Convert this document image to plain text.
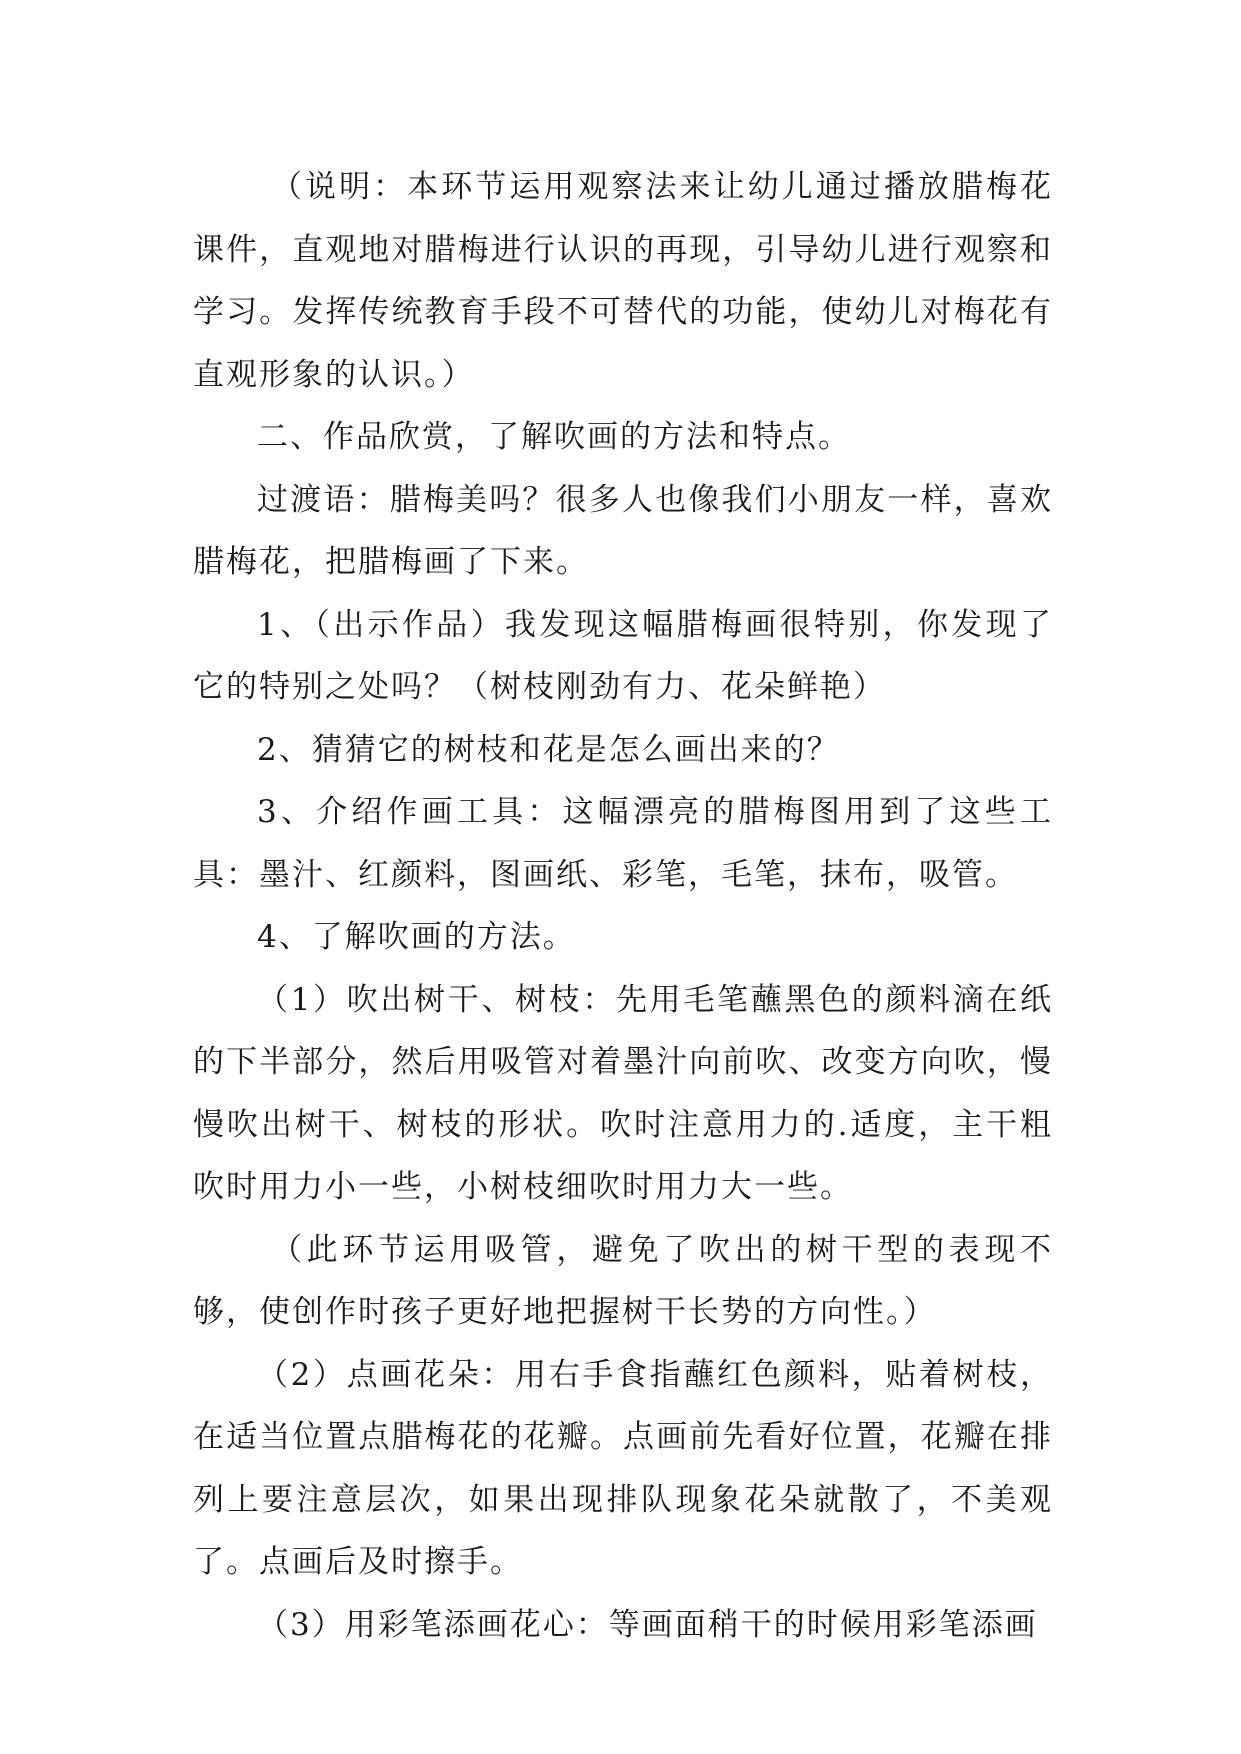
（说明：本环节运用观察法来让幼儿通过播放腊梅花课件，直观地对腊梅进行认识的再现，引导幼儿进行观察和学习。发挥传统教育手段不可替代的功能，使幼儿对梅花有直观形象的认识。）

二、作品欣赏，了解吹画的方法和特点。

过渡语：腊梅美吗？很多人也像我们小朋友一样，喜欢腊梅花，把腊梅画了下来。

1、（出示作品）我发现这幅腊梅画很特别，你发现了它的特别之处吗？（树枝刚劲有力、花朵鲜艳）

2、猜猜它的树枝和花是怎么画出来的？

3、介绍作画工具：这幅漂亮的腊梅图用到了这些工具：墨汁、红颜料，图画纸、彩笔，毛笔，抹布，吸管。

4、了解吹画的方法。

（1）吹出树干、树枝：先用毛笔蘸黑色的颜料滴在纸的下半部分，然后用吸管对着墨汁向前吹、改变方向吹，慢慢吹出树干、树枝的形状。吹时注意用力的.适度，主干粗吹时用力小一些，小树枝细吹时用力大一些。

（此环节运用吸管，避免了吹出的树干型的表现不够，使创作时孩子更好地把握树干长势的方向性。）

（2）点画花朵：用右手食指蘸红色颜料，贴着树枝，在适当位置点腊梅花的花瓣。点画前先看好位置，花瓣在排列上要注意层次，如果出现排队现象花朵就散了，不美观了。点画后及时擦手。

（3）用彩笔添画花心：等画面稍干的时候用彩笔添画
